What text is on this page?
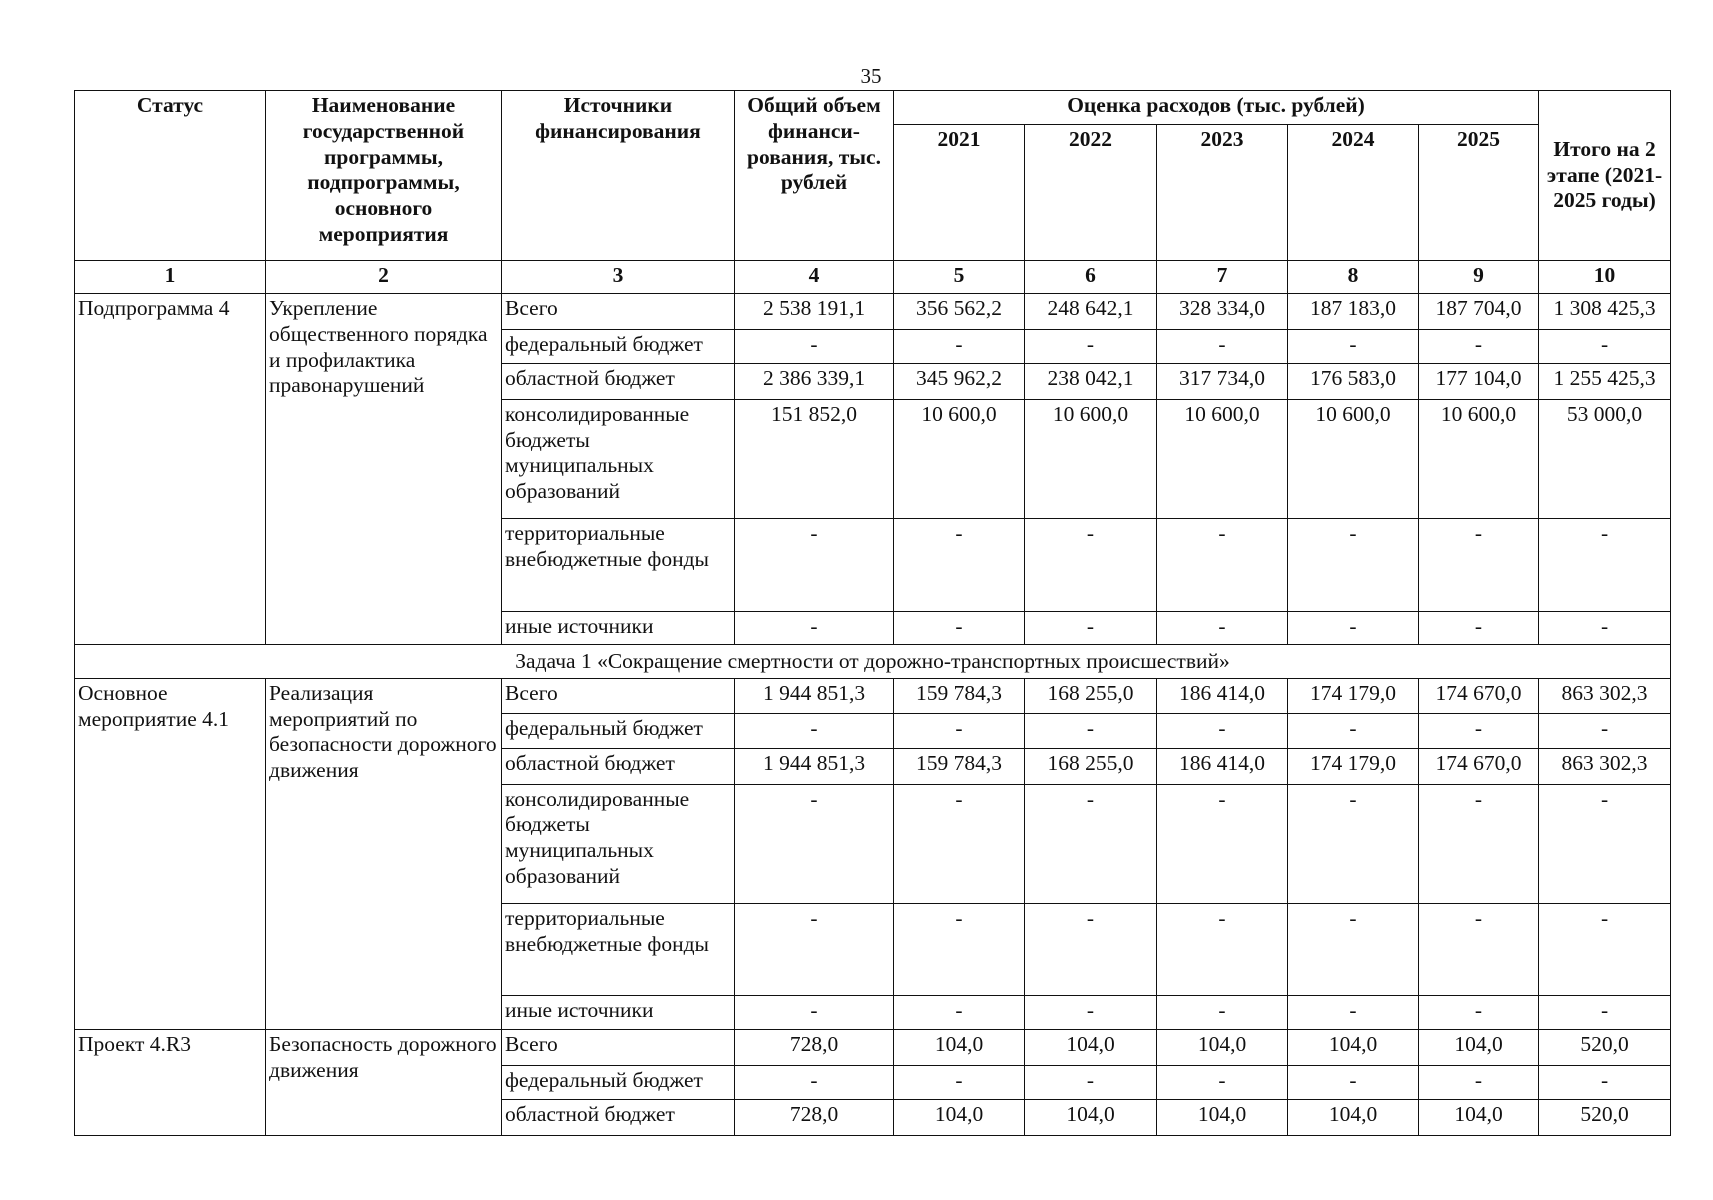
35
Статус	Наименование государственной программы, подпрограммы, основного мероприятия	Источники финансирования	Общий объем финанси-рования, тыс. рублей	Оценка расходов (тыс. рублей)					Итого на 2 этапе (2021-2025 годы)
				2021	2022	2023	2024	2025	
1	2	3	4	5	6	7	8	9	10
Подпрограмма 4	Укрепление общественного порядка и профилактика правонарушений	Всего	2 538 191,1	356 562,2	248 642,1	328 334,0	187 183,0	187 704,0	1 308 425,3
		федеральный бюджет	-	-	-	-	-	-	-
		областной бюджет	2 386 339,1	345 962,2	238 042,1	317 734,0	176 583,0	177 104,0	1 255 425,3
		консолидированные бюджеты муниципальных образований	151 852,0	10 600,0	10 600,0	10 600,0	10 600,0	10 600,0	53 000,0
		территориальные внебюджетные фонды	-	-	-	-	-	-	-
		иные источники	-	-	-	-	-	-	-
Задача 1 «Сокращение смертности от дорожно-транспортных происшествий»									
Основное мероприятие 4.1	Реализация мероприятий по безопасности дорожного движения	Всего	1 944 851,3	159 784,3	168 255,0	186 414,0	174 179,0	174 670,0	863 302,3
		федеральный бюджет	-	-	-	-	-	-	-
		областной бюджет	1 944 851,3	159 784,3	168 255,0	186 414,0	174 179,0	174 670,0	863 302,3
		консолидированные бюджеты муниципальных образований	-	-	-	-	-	-	-
		территориальные внебюджетные фонды	-	-	-	-	-	-	-
		иные источники	-	-	-	-	-	-	-
Проект 4.R3	Безопасность дорожного движения	Всего	728,0	104,0	104,0	104,0	104,0	104,0	520,0
		федеральный бюджет	-	-	-	-	-	-	-
		областной бюджет	728,0	104,0	104,0	104,0	104,0	104,0	520,0
